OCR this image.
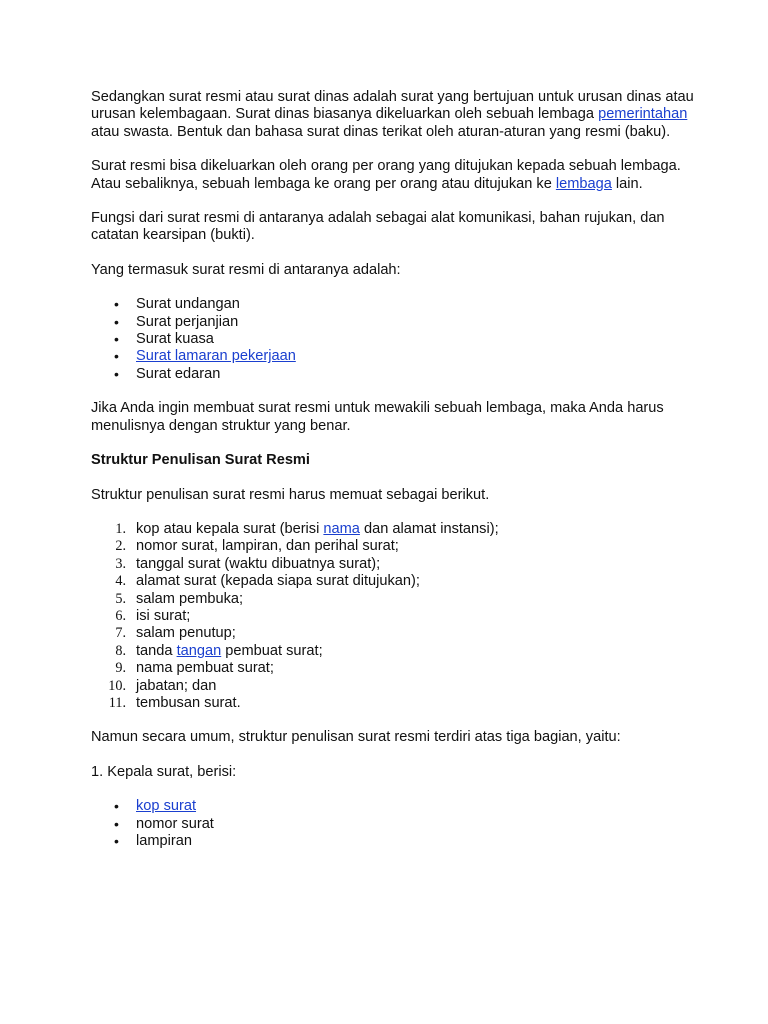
Sedangkan surat resmi atau surat dinas adalah surat yang bertujuan untuk urusan dinas atau urusan kelembagaan. Surat dinas biasanya dikeluarkan oleh sebuah lembaga pemerintahan atau swasta. Bentuk dan bahasa surat dinas terikat oleh aturan-aturan yang resmi (baku).

Surat resmi bisa dikeluarkan oleh orang per orang yang ditujukan kepada sebuah lembaga. Atau sebaliknya, sebuah lembaga ke orang per orang atau ditujukan ke lembaga lain.

Fungsi dari surat resmi di antaranya adalah sebagai alat komunikasi, bahan rujukan, dan catatan kearsipan (bukti).

Yang termasuk surat resmi di antaranya adalah:

• Surat undangan
• Surat perjanjian
• Surat kuasa
• Surat lamaran pekerjaan
• Surat edaran

Jika Anda ingin membuat surat resmi untuk mewakili sebuah lembaga, maka Anda harus menulisnya dengan struktur yang benar.

Struktur Penulisan Surat Resmi

Struktur penulisan surat resmi harus memuat sebagai berikut.

1. kop atau kepala surat (berisi nama dan alamat instansi);
2. nomor surat, lampiran, dan perihal surat;
3. tanggal surat (waktu dibuatnya surat);
4. alamat surat (kepada siapa surat ditujukan);
5. salam pembuka;
6. isi surat;
7. salam penutup;
8. tanda tangan pembuat surat;
9. nama pembuat surat;
10. jabatan; dan
11. tembusan surat.

Namun secara umum, struktur penulisan surat resmi terdiri atas tiga bagian, yaitu:

1. Kepala surat, berisi:

• kop surat
• nomor surat
• lampiran
